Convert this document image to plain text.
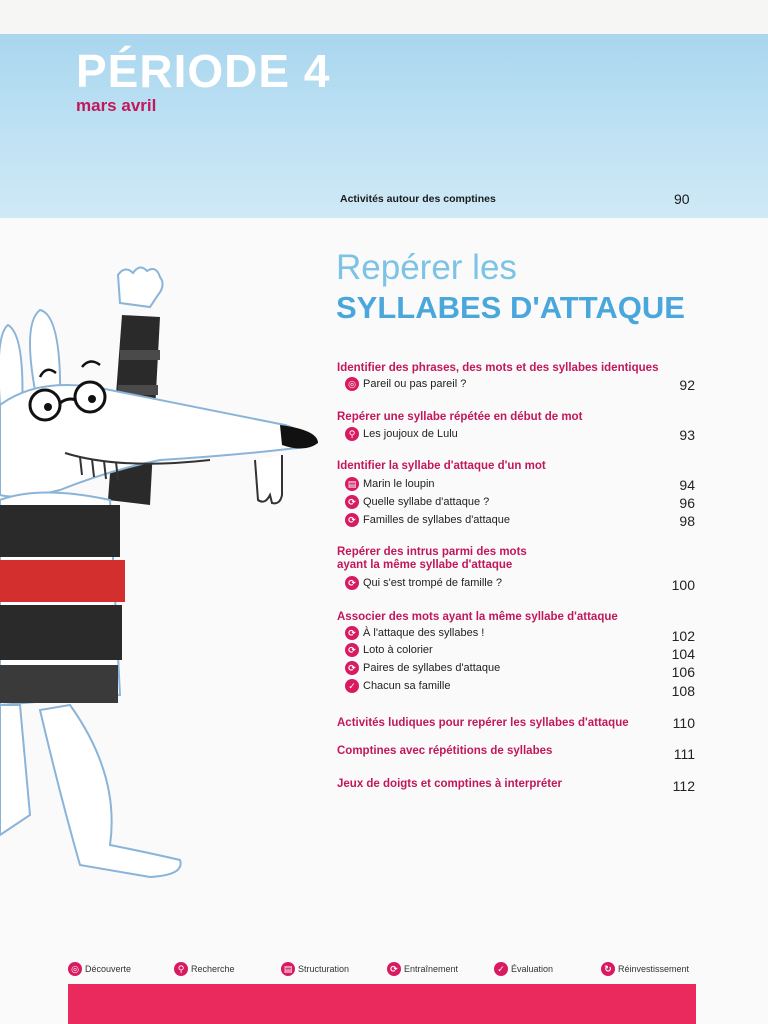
PÉRIODE 4
mars avril
Activités autour des comptines	90
Repérer les
SYLLABES D'ATTAQUE
Identifier des phrases, des mots et des syllabes identiques
◎ Pareil ou pas pareil ?	92
Repérer une syllabe répétée en début de mot
⚲ Les joujoux de Lulu	93
Identifier la syllabe d'attaque d'un mot
▤ Marin le loupin	94
⟳ Quelle syllabe d'attaque ?	96
⟳ Familles de syllabes d'attaque	98
Repérer des intrus parmi des mots
ayant la même syllabe d'attaque
⟳ Qui s'est trompé de famille ?	100
Associer des mots ayant la même syllabe d'attaque
⟳ À l'attaque des syllabes !	102
⟳ Loto à colorier	104
⟳ Paires de syllabes d'attaque	106
✓ Chacun sa famille	108
Activités ludiques pour repérer les syllabes d'attaque	110
Comptines avec répétitions de syllabes	111
Jeux de doigts et comptines à interpréter	112
◎ Découverte	⚲ Recherche	▤ Structuration	⟳ Entraînement	✓ Évaluation	↻ Réinvestissement
